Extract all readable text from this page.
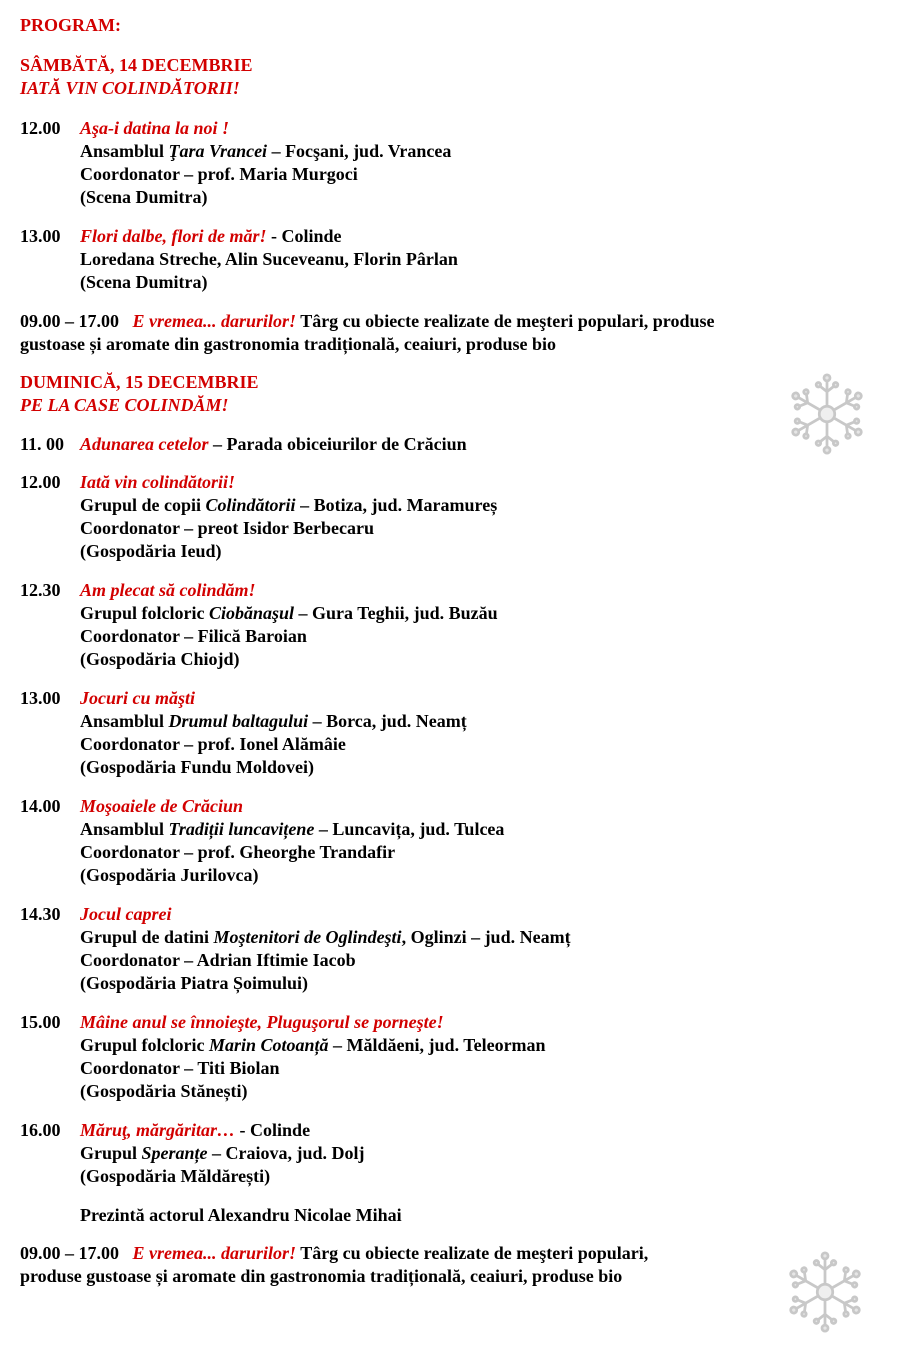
PROGRAM:
SÂMBĂTĂ, 14 DECEMBRIE
IATĂ VIN COLINDĂTORII!
12.00 Aşa-i datina la noi !
Ansamblul Ţara Vrancei – Focşani, jud. Vrancea
Coordonator – prof. Maria Murgoci
(Scena Dumitra)
13.00 Flori dalbe, flori de măr! - Colinde
Loredana Streche, Alin Suceveanu, Florin Pârlan
(Scena Dumitra)
09.00 – 17.00 E vremea... darurilor! Târg cu obiecte realizate de meşteri populari, produse
gustoase și aromate din gastronomia tradițională, ceaiuri, produse bio
DUMINICĂ, 15 DECEMBRIE
PE LA CASE COLINDĂM!
11. 00 Adunarea cetelor – Parada obiceiurilor de Crăciun
12.00 Iată vin colindătorii!
Grupul de copii Colindătorii – Botiza, jud. Maramureș
Coordonator – preot Isidor Berbecaru
(Gospodăria Ieud)
12.30 Am plecat să colindăm!
Grupul folcloric Ciobănaşul – Gura Teghii, jud. Buzău
Coordonator – Filică Baroian
(Gospodăria Chiojd)
13.00 Jocuri cu măşti
Ansamblul Drumul baltagului – Borca, jud. Neamț
Coordonator – prof. Ionel Alămâie
(Gospodăria Fundu Moldovei)
14.00 Moşoaiele de Crăciun
Ansamblul Tradiții luncavițene – Luncavița, jud. Tulcea
Coordonator – prof. Gheorghe Trandafir
(Gospodăria Jurilovca)
14.30 Jocul caprei
Grupul de datini Moştenitori de Oglindeşti, Oglinzi – jud. Neamț
Coordonator – Adrian Iftimie Iacob
(Gospodăria Piatra Șoimului)
15.00 Mâine anul se înnoieşte, Pluguşorul se porneşte!
Grupul folcloric Marin Cotoanță – Măldăeni, jud. Teleorman
Coordonator – Titi Biolan
(Gospodăria Stănești)
16.00 Măruţ, mărgăritar… - Colinde
Grupul Speranțe – Craiova, jud. Dolj
(Gospodăria Măldărești)
Prezintă actorul Alexandru Nicolae Mihai
09.00 – 17.00 E vremea... darurilor! Târg cu obiecte realizate de meşteri populari,
produse gustoase și aromate din gastronomia tradițională, ceaiuri, produse bio
